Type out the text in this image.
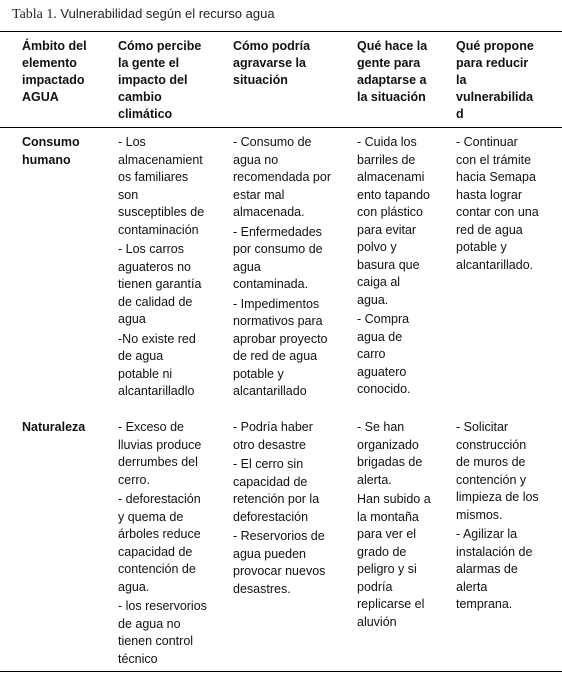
Tabla 1. Vulnerabilidad según el recurso agua
Ámbito del
elemento
impactado
AGUA
Cómo percibe
la gente el
impacto del
cambio
climático
Cómo podría
agravarse la
situación
Qué hace la
gente para
adaptarse a
la situación
Qué propone
para reducir
la
vulnerabilida
d
Consumo
humano
- Los
almacenamient
os familiares
son
susceptibles de
contaminación
- Los carros
aguateros no
tienen garantía
de calidad de
agua
-No existe red
de agua
potable ni
alcantarilladlo
- Consumo de
agua no
recomendada por
estar mal
almacenada.
- Enfermedades
por consumo de
agua
contaminada.
- Impedimentos
normativos para
aprobar proyecto
de red de agua
potable y
alcantarillado
- Cuida los
barriles de
almacenami
ento tapando
con plástico
para evitar
polvo y
basura que
caiga al
agua.
- Compra
agua de
carro
aguatero
conocido.
- Continuar
con el trámite
hacia Semapa
hasta lograr
contar con una
red de agua
potable y
alcantarillado.
Naturaleza	- Exceso de
lluvias produce
derrumbes del
cerro.
- deforestación
y quema de
árboles reduce
capacidad de
contención de
agua.
- los reservorios
de agua no
tienen control
técnico
- Podría haber
otro desastre
- El cerro sin
capacidad de
retención por la
deforestación
- Reservorios de
agua pueden
provocar nuevos
desastres.
- Se han
organizado
brigadas de
alerta.
Han subido a
la montaña
para ver el
grado de
peligro y si
podría
replicarse el
aluvión
- Solicitar
construcción
de muros de
contención y
limpieza de los
mismos.
- Agilizar la
instalación de
alarmas de
alerta
temprana.
